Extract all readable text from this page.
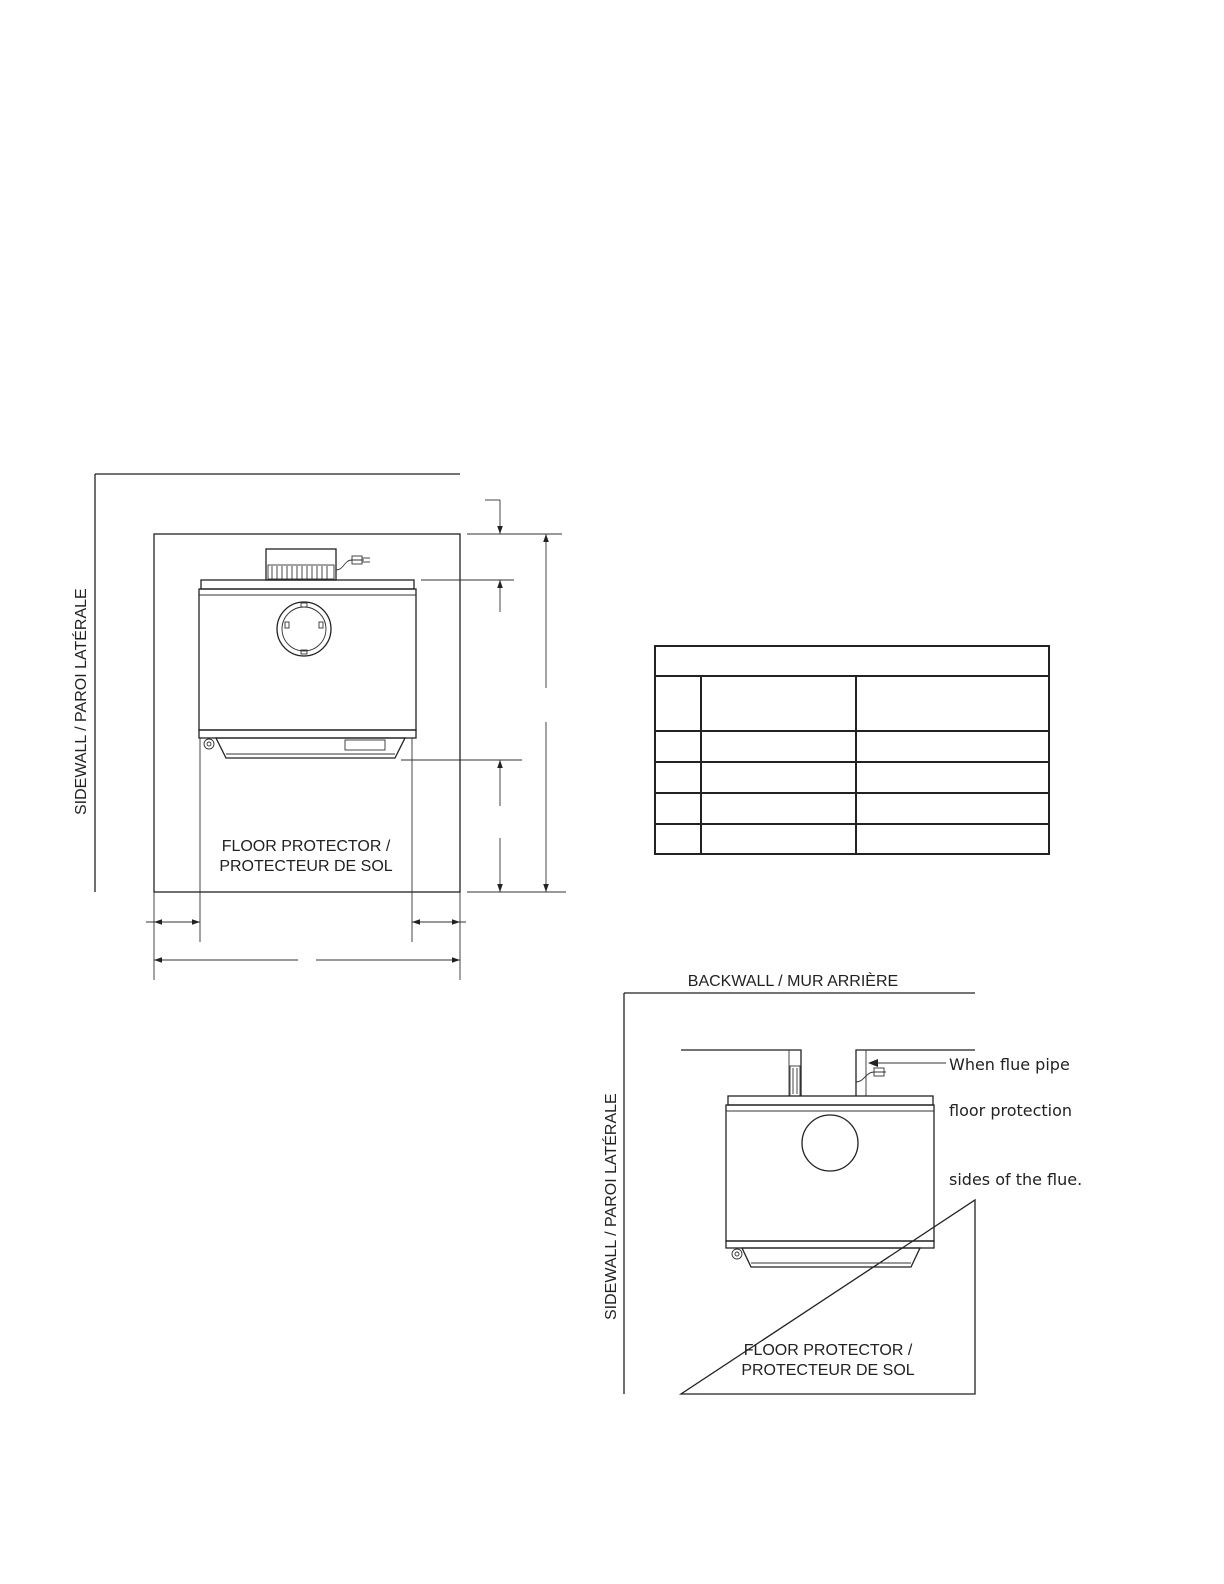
SIDEWALL / PAROI LATÉRALE
FLOOR PROTECTOR /
PROTECTEUR DE SOL
BACKWALL / MUR ARRIÈRE
SIDEWALL / PAROI LATÉRALE
FLOOR PROTECTOR /
PROTECTEUR DE SOL
When flue pipe
floor protection
sides of the flue.
